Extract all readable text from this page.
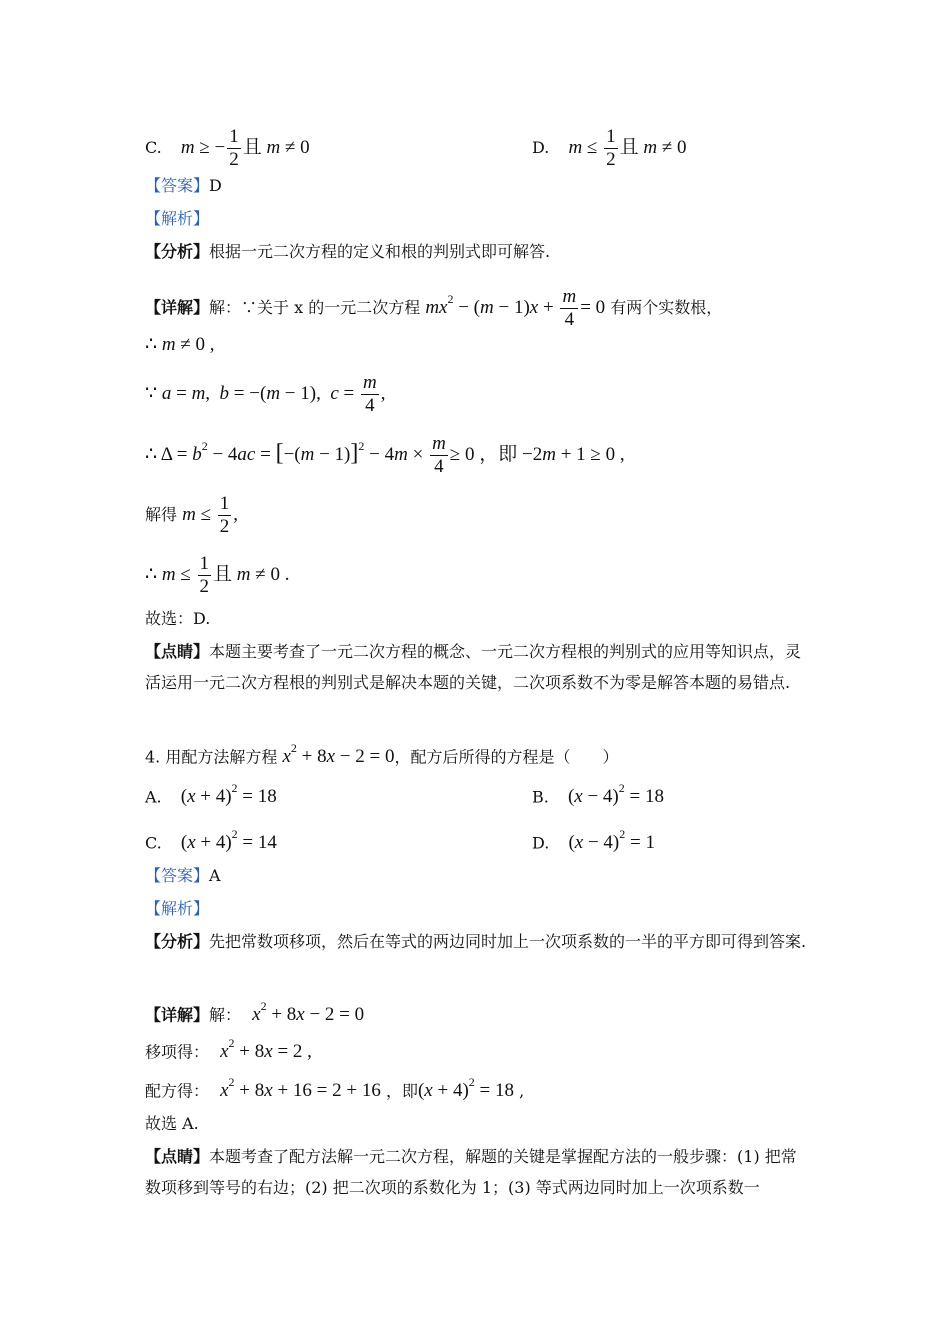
C. m ≥ − $\frac{1}{2}$ 且 m ≠ 0	D. $m \le \frac{1}{2}$ 且 m ≠ 0
【答案】D
【解析】
【分析】根据一元二次方程的定义和根的判别式即可解答.
【详解】解：∵关于 x 的一元二次方程 $mx^2 - (m - 1)x + \frac{m}{4} = 0$ 有两个实数根，
∴ m ≠ 0 ,
∵ a = m,  b = −(m − 1),  $c = \frac{m}{4}$ ,
∴ $\Delta = b^2 - 4ac = [-(m - 1)]^2 - 4m \times \frac{m}{4} \ge 0$ ，即 −2m + 1 ≥ 0 ,
解得 $m \le \frac{1}{2}$ ,
∴ $m \le \frac{1}{2}$ 且 m ≠ 0 .
故选：D.
【点睛】本题主要考查了一元二次方程的概念、一元二次方程根的判别式的应用等知识点，灵活运用一元二次方程根的判别式是解决本题的关键，二次项系数不为零是解答本题的易错点.
4. 用配方法解方程 $x^2 + 8x - 2 = 0$，配方后所得的方程是（　　）
A. $(x + 4)^2 = 18$	B. $(x - 4)^2 = 18$
C. $(x + 4)^2 = 14$	D. $(x - 4)^2 = 1$
【答案】A
【解析】
【分析】先把常数项移项，然后在等式的两边同时加上一次项系数的一半的平方即可得到答案.
【详解】解： $x^2 + 8x - 2 = 0$
移项得： $x^2 + 8x = 2$ ,
配方得： $x^2 + 8x + 16 = 2 + 16$ ，即$(x + 4)^2 = 18$ ,
故选 A.
【点睛】本题考查了配方法解一元二次方程，解题的关键是掌握配方法的一般步骤：(1) 把常数项移到等号的右边；(2) 把二次项的系数化为 1；(3) 等式两边同时加上一次项系数一
